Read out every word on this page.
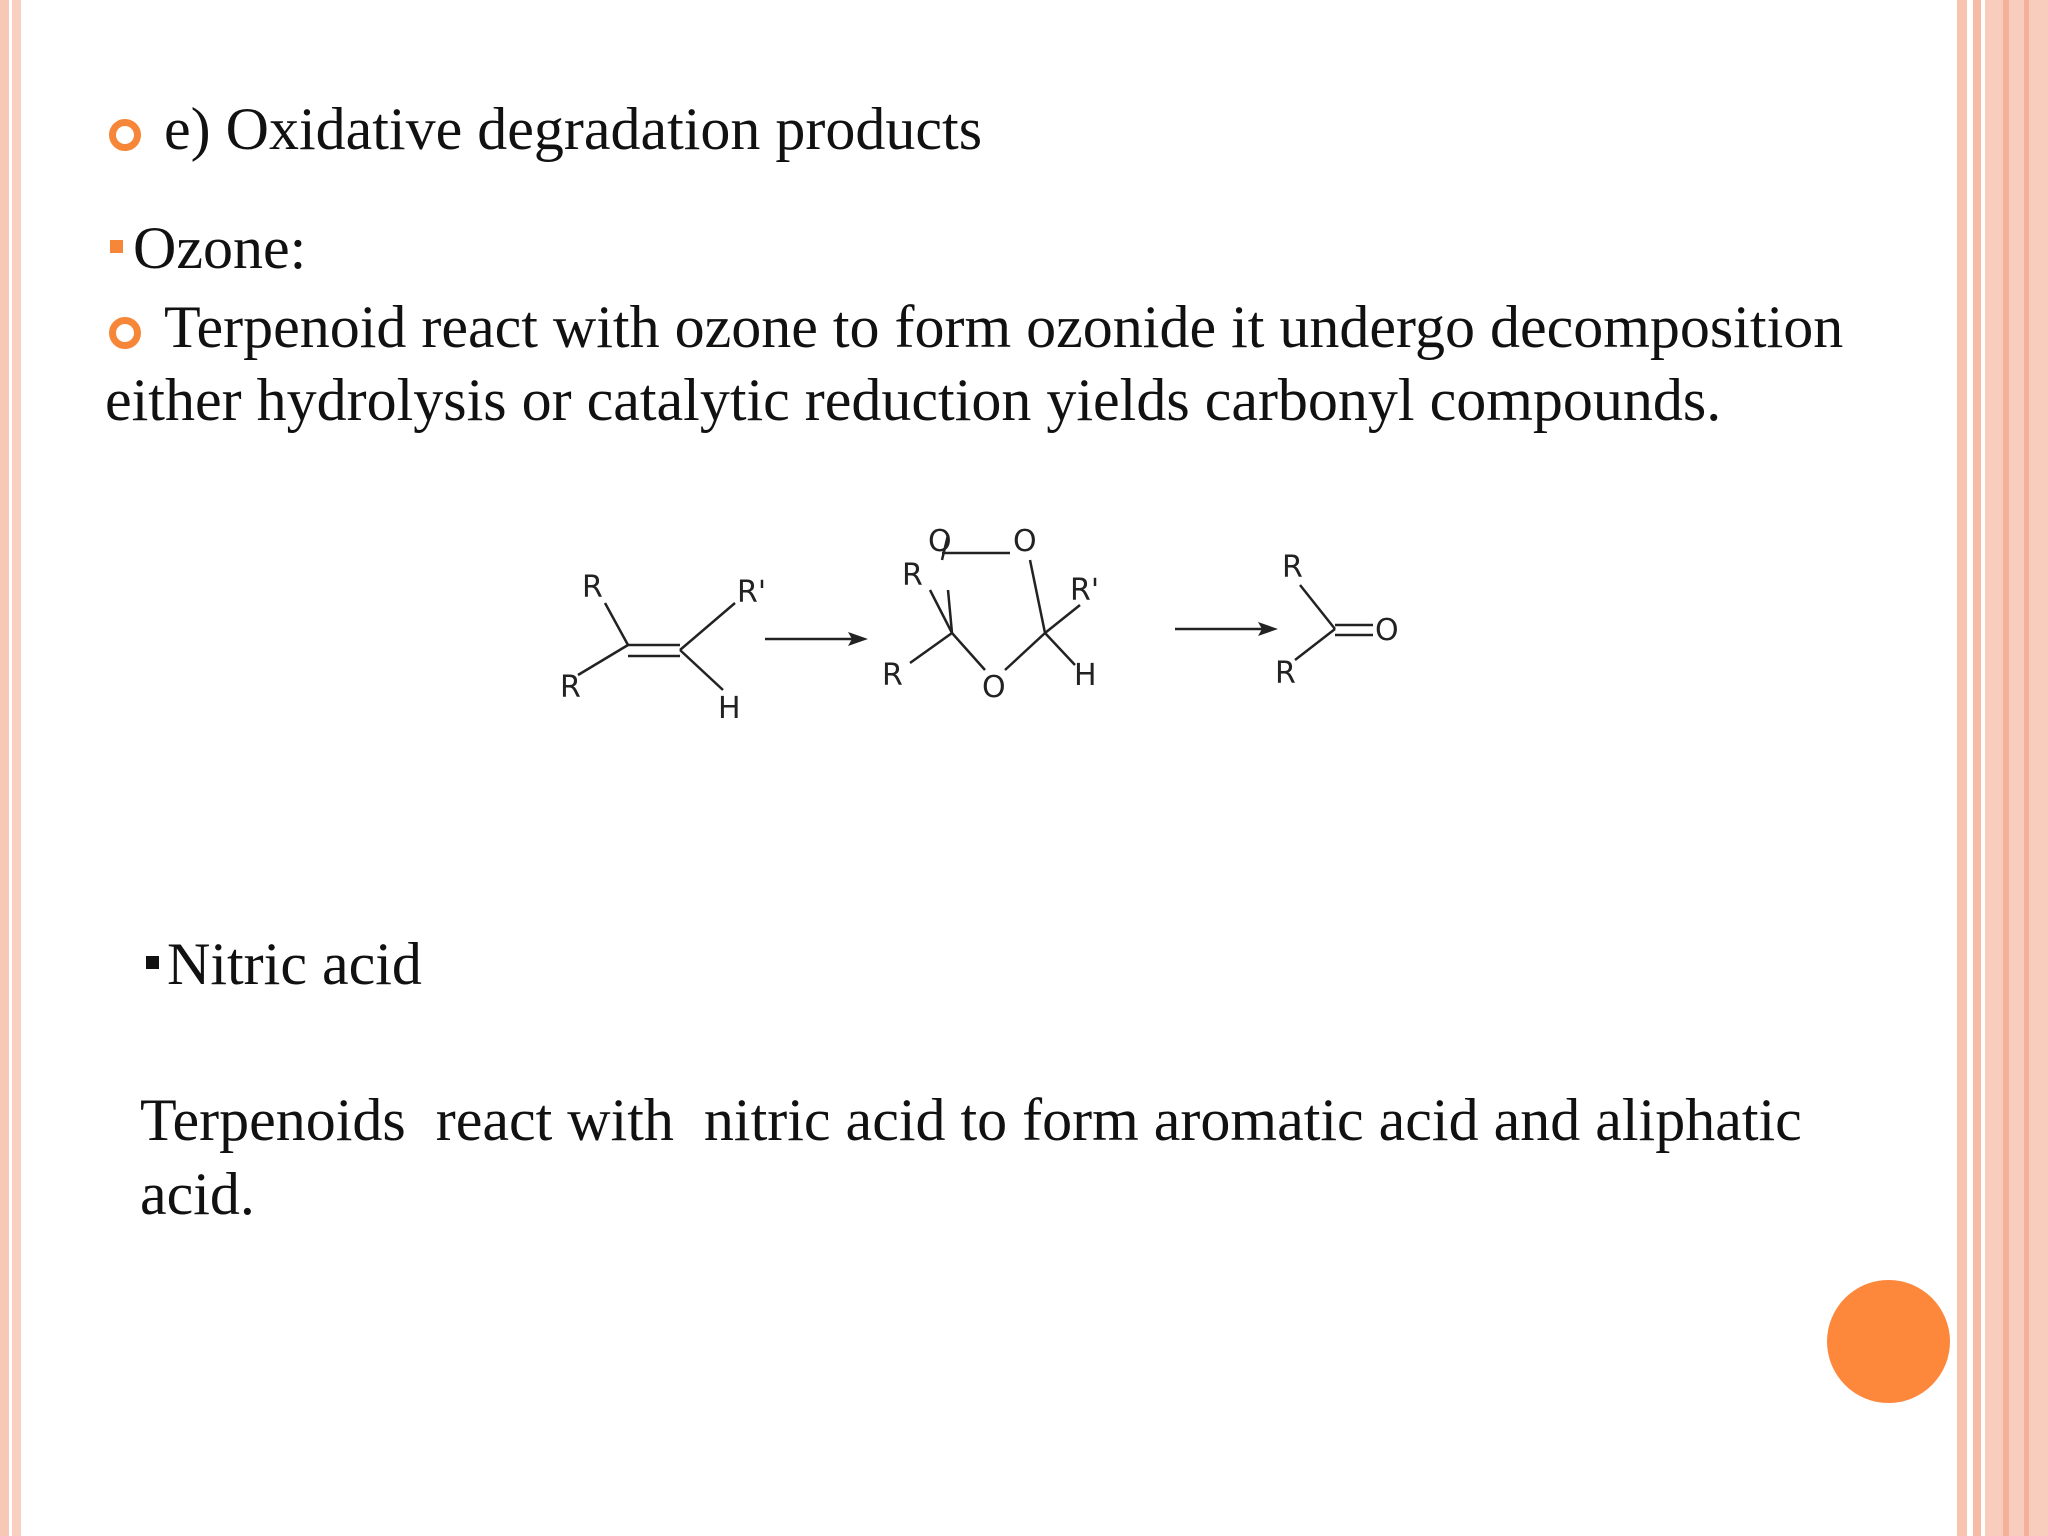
e) Oxidative degradation products
Ozone:
Terpenoid react with ozone to form ozonide it undergo decomposition
either hydrolysis or catalytic reduction yields carbonyl compounds.
R
R
R'
H
O O
R
R	O
R'
H
R
R
O
Nitric acid
Terpenoids  react with  nitric acid to form aromatic acid and aliphatic
acid.
